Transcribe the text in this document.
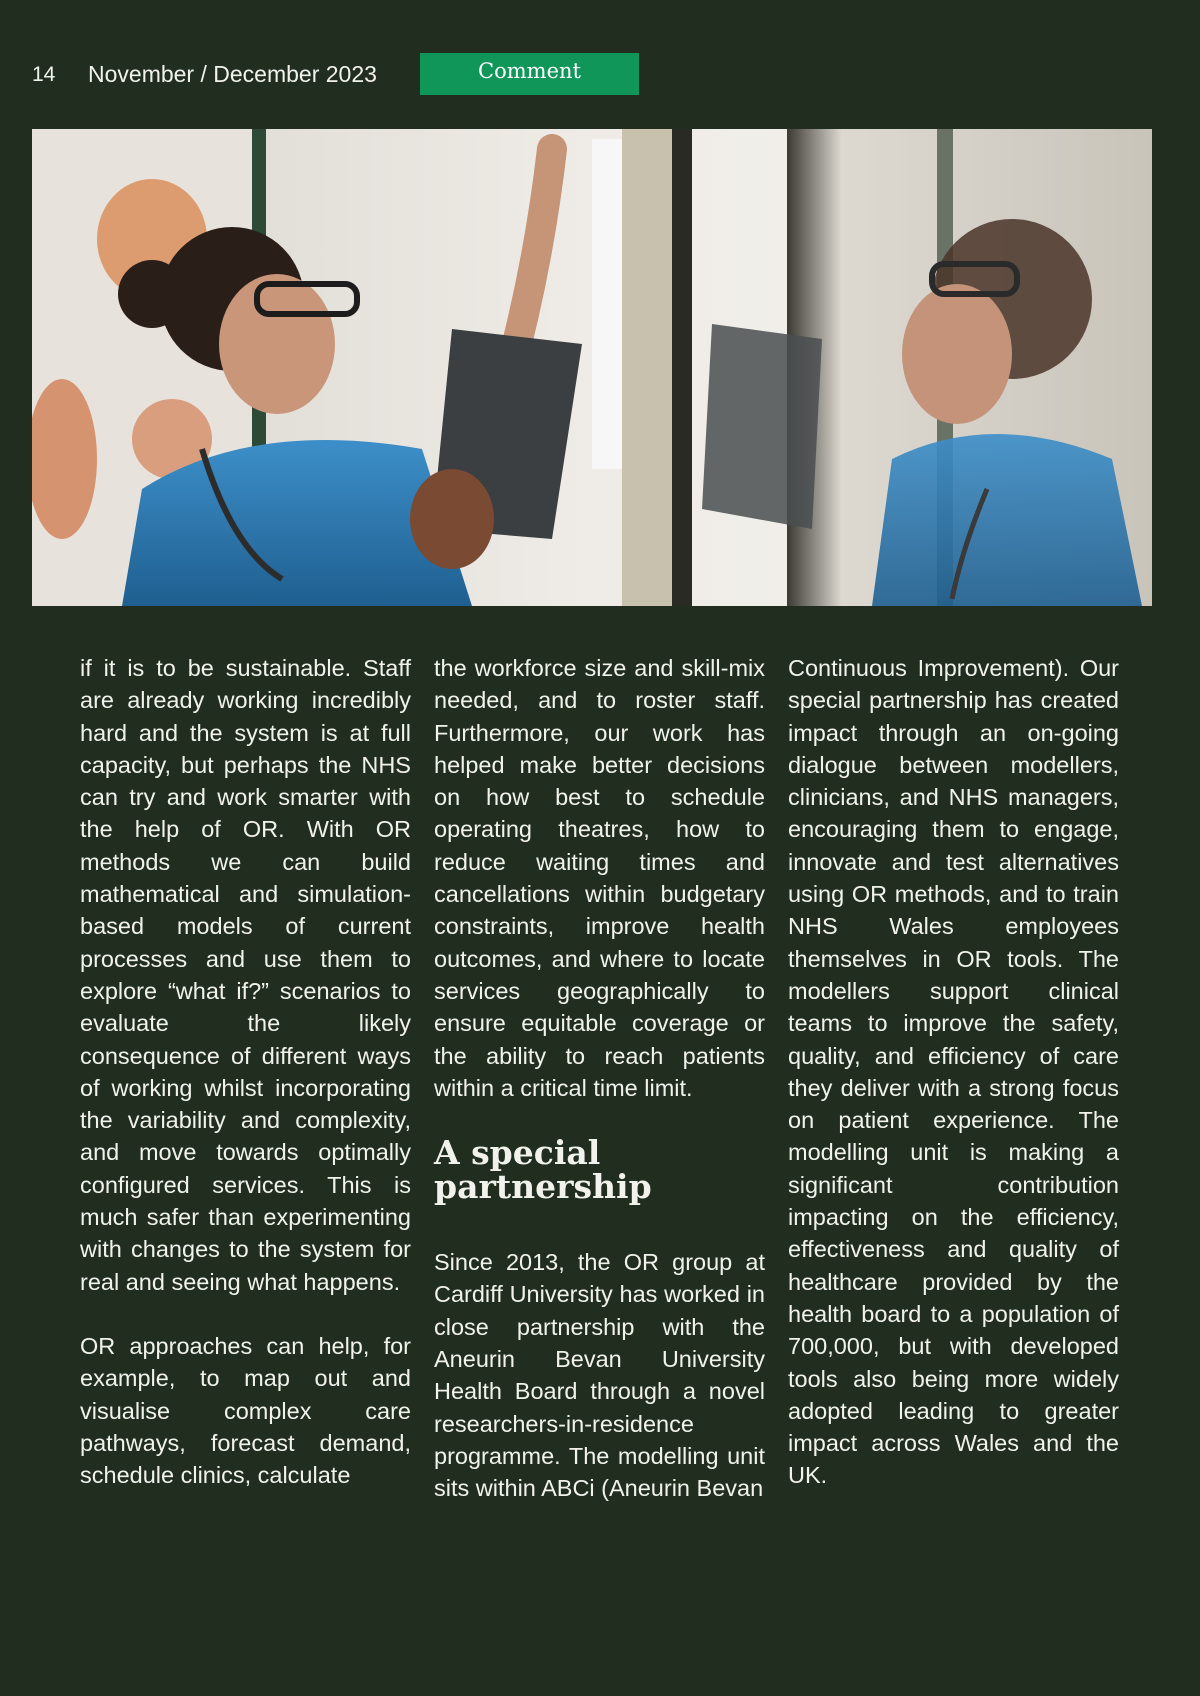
14 November / December 2023	Comment

if it is to be sustainable. Staff are already working incredibly hard and the system is at full capacity, but perhaps the NHS can try and work smarter with the help of OR. With OR methods we can build mathematical and simulation-based models of current processes and use them to explore “what if?” scenarios to evaluate the likely consequence of different ways of working whilst incorporating the variability and complexity, and move towards optimally configured services. This is much safer than experimenting with changes to the system for real and seeing what happens.

OR approaches can help, for example, to map out and visualise complex care pathways, forecast demand, schedule clinics, calculate

the workforce size and skill-mix needed, and to roster staff. Furthermore, our work has helped make better decisions on how best to schedule operating theatres, how to reduce waiting times and cancellations within budgetary constraints, improve health outcomes, and where to locate services geographically to ensure equitable coverage or the ability to reach patients within a critical time limit.

A special
partnership

Since 2013, the OR group at Cardiff University has worked in close partnership with the Aneurin Bevan University Health Board through a novel researchers-in-residence programme. The modelling unit sits within ABCi (Aneurin Bevan

Continuous Improvement). Our special partnership has created impact through an on-going dialogue between modellers, clinicians, and NHS managers, encouraging them to engage, innovate and test alternatives using OR methods, and to train NHS Wales employees themselves in OR tools. The modellers support clinical teams to improve the safety, quality, and efficiency of care they deliver with a strong focus on patient experience. The modelling unit is making a significant contribution impacting on the efficiency, effectiveness and quality of healthcare provided by the health board to a population of 700,000, but with developed tools also being more widely adopted leading to greater impact across Wales and the UK.
